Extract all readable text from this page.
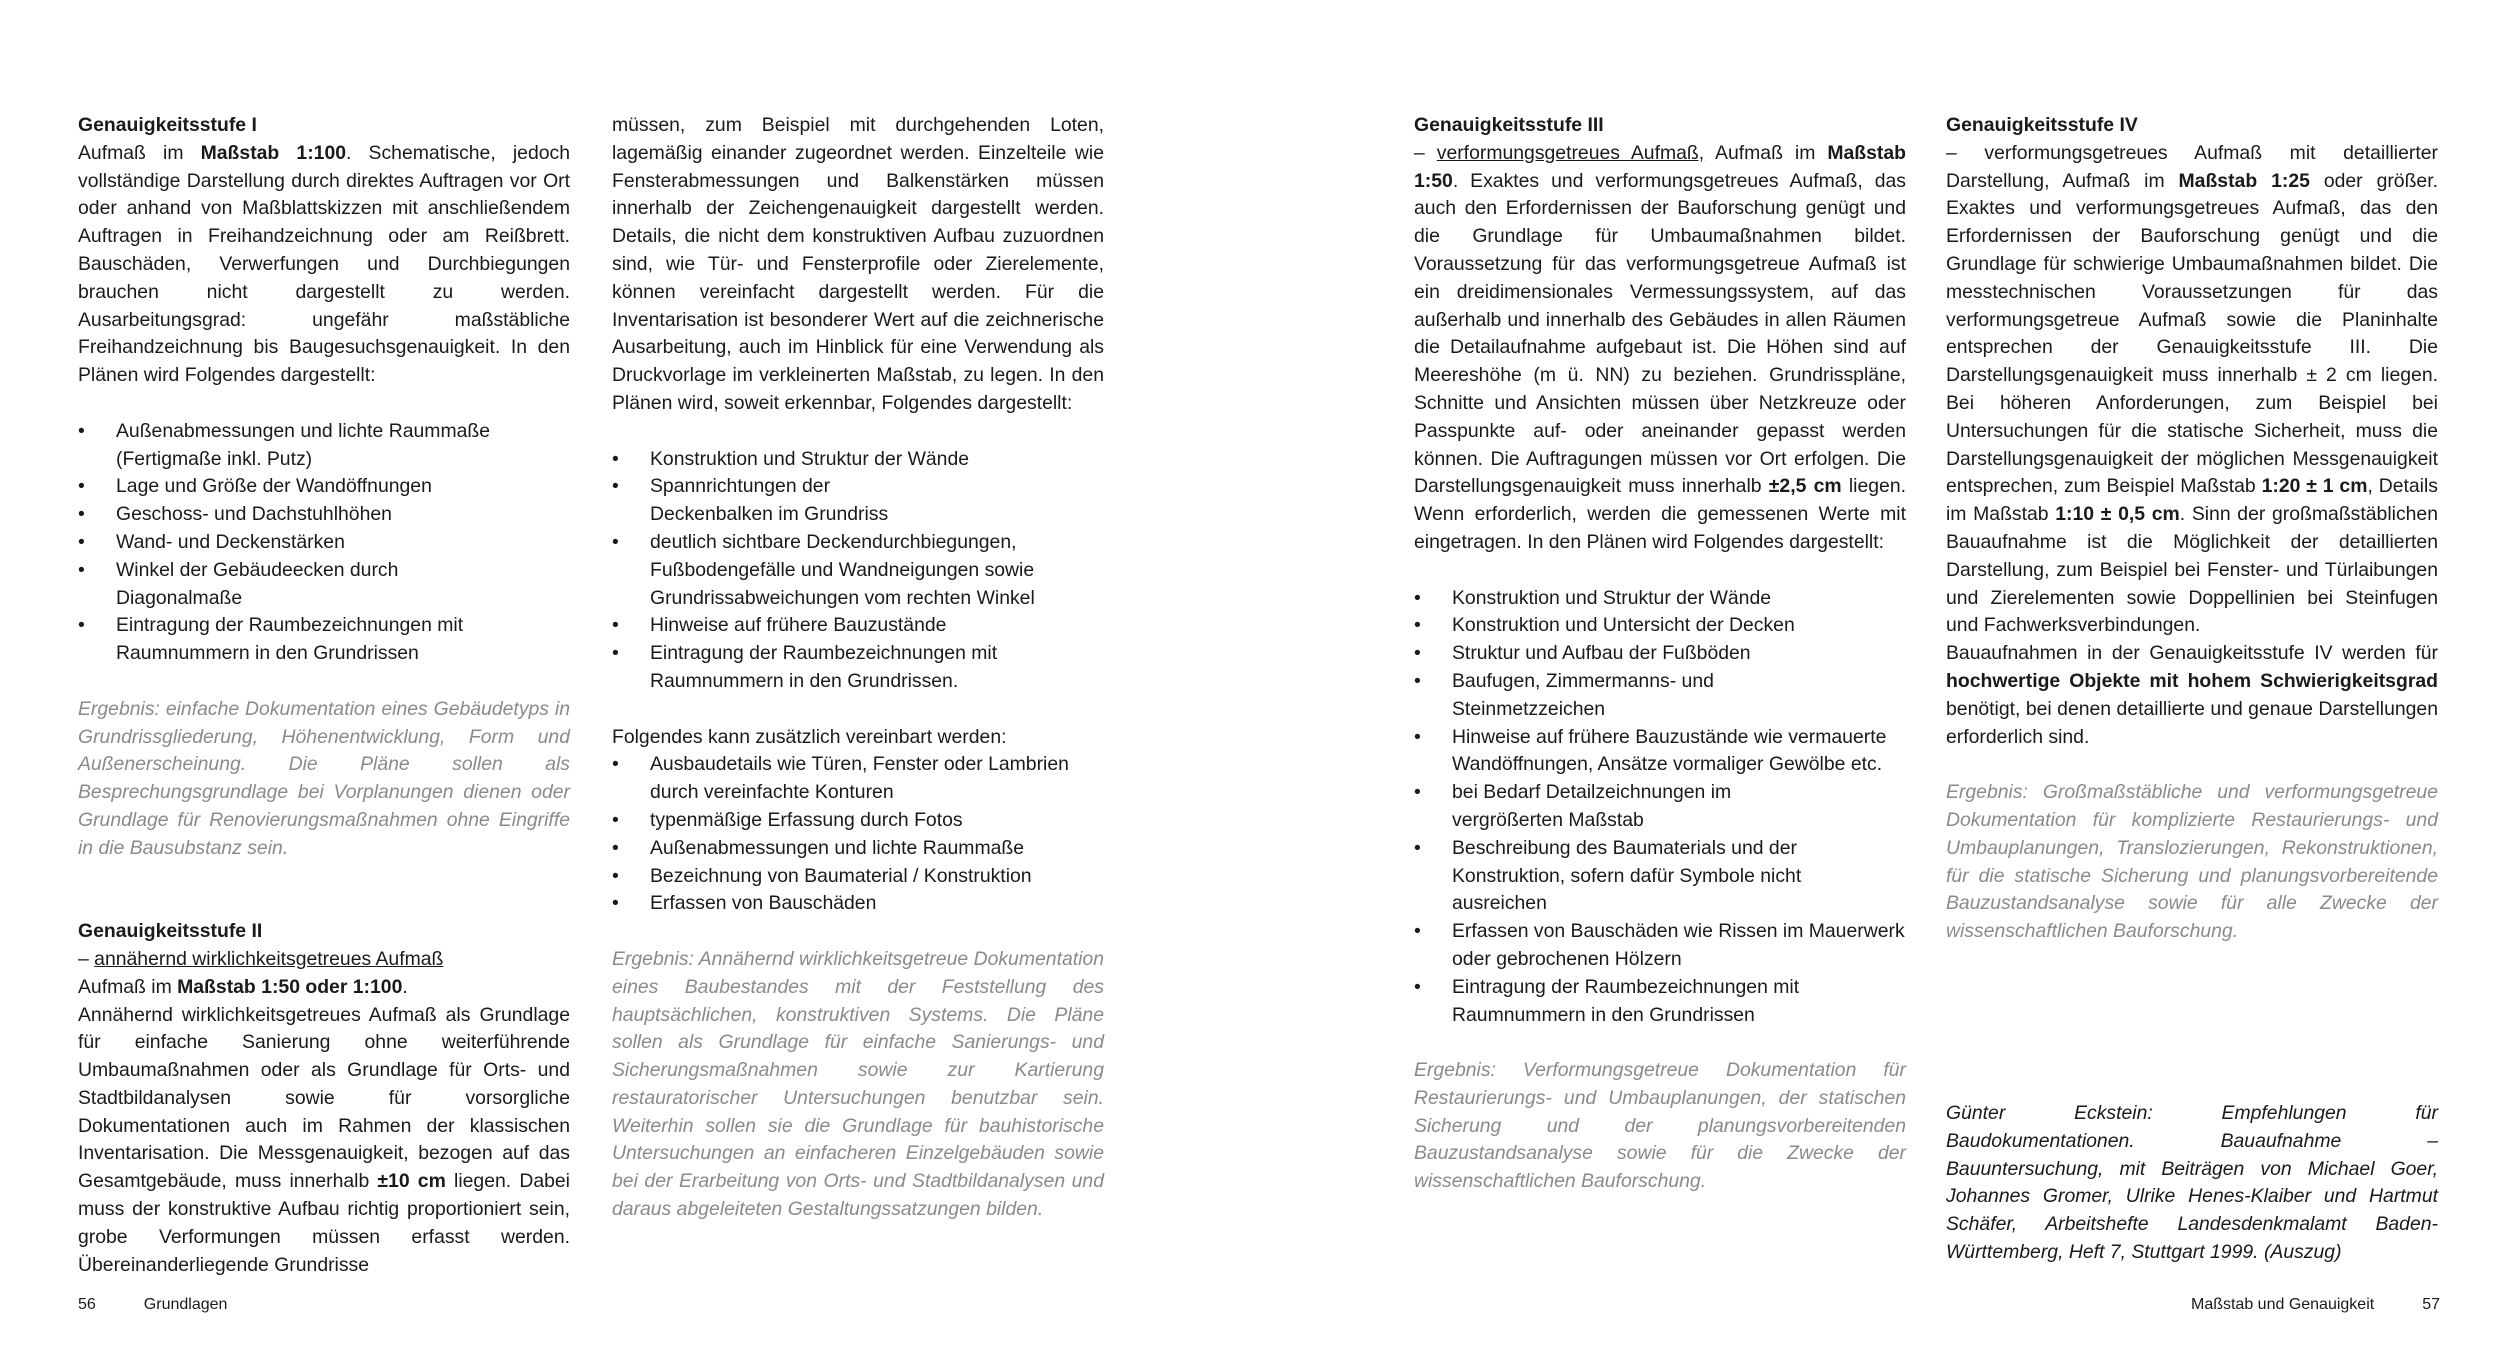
Genauigkeitsstufe I

Aufmaß im Maßstab 1:100. Schematische, jedoch vollständige Darstellung durch direktes Auftragen vor Ort oder anhand von Maßblattskizzen mit anschließendem Auftragen in Freihandzeichnung oder am Reißbrett. Bauschäden, Verwerfungen und Durchbiegungen brauchen nicht dargestellt zu werden. Ausarbeitungsgrad: ungefähr maßstäbliche Freihandzeichnung bis Baugesuchsgenauigkeit. In den Plänen wird Folgendes dargestellt:

• Außenabmessungen und lichte Raummaße (Fertigmaße inkl. Putz)
• Lage und Größe der Wandöffnungen
• Geschoss- und Dachstuhlhöhen
• Wand- und Deckenstärken
• Winkel der Gebäudeecken durch Diagonalmaße
• Eintragung der Raumbezeichnungen mit Raumnummern in den Grundrissen

Ergebnis: einfache Dokumentation eines Gebäudetyps in Grundrissgliederung, Höhenentwicklung, Form und Außenerscheinung. Die Pläne sollen als Besprechungsgrundlage bei Vorplanungen dienen oder Grundlage für Renovierungsmaßnahmen ohne Eingriffe in die Bausubstanz sein.

Genauigkeitsstufe II

– annähernd wirklichkeitsgetreues Aufmaß

Aufmaß im Maßstab 1:50 oder 1:100.

Annähernd wirklichkeitsgetreues Aufmaß als Grundlage für einfache Sanierung ohne weiterführende Umbaumaßnahmen oder als Grundlage für Orts- und Stadtbildanalysen sowie für vorsorgliche Dokumentationen auch im Rahmen der klassischen Inventarisation. Die Messgenauigkeit, bezogen auf das Gesamtgebäude, muss innerhalb ±10 cm liegen. Dabei muss der konstruktive Aufbau richtig proportioniert sein, grobe Verformungen müssen erfasst werden. Übereinanderliegende Grundrisse

müssen, zum Beispiel mit durchgehenden Loten, lagemäßig einander zugeordnet werden. Einzelteile wie Fensterabmessungen und Balkenstärken müssen innerhalb der Zeichengenauigkeit dargestellt werden. Details, die nicht dem konstruktiven Aufbau zuzuordnen sind, wie Tür- und Fensterprofile oder Zierelemente, können vereinfacht dargestellt werden. Für die Inventarisation ist besonderer Wert auf die zeichnerische Ausarbeitung, auch im Hinblick für eine Verwendung als Druckvorlage im verkleinerten Maßstab, zu legen. In den Plänen wird, soweit erkennbar, Folgendes dargestellt:

• Konstruktion und Struktur der Wände
• Spannrichtungen der Deckenbalken im Grundriss
• deutlich sichtbare Deckendurchbiegungen, Fußbodengefälle und Wandneigungen sowie Grundrissabweichungen vom rechten Winkel
• Hinweise auf frühere Bauzustände
• Eintragung der Raumbezeichnungen mit Raumnummern in den Grundrissen.

Folgendes kann zusätzlich vereinbart werden:

• Ausbaudetails wie Türen, Fenster oder Lambrien durch vereinfachte Konturen
• typenmäßige Erfassung durch Fotos
• Außenabmessungen und lichte Raummaße
• Bezeichnung von Baumaterial / Konstruktion
• Erfassen von Bauschäden

Ergebnis: Annähernd wirklichkeitsgetreue Dokumentation eines Baubestandes mit der Feststellung des hauptsächlichen, konstruktiven Systems. Die Pläne sollen als Grundlage für einfache Sanierungs- und Sicherungsmaßnahmen sowie zur Kartierung restauratorischer Untersuchungen benutzbar sein. Weiterhin sollen sie die Grundlage für bauhistorische Untersuchungen an einfacheren Einzelgebäuden sowie bei der Erarbeitung von Orts- und Stadtbildanalysen und daraus abgeleiteten Gestaltungssatzungen bilden.

Genauigkeitsstufe III

– verformungsgetreues Aufmaß, Aufmaß im Maßstab 1:50. Exaktes und verformungsgetreues Aufmaß, das auch den Erfordernissen der Bauforschung genügt und die Grundlage für Umbaumaßnahmen bildet. Voraussetzung für das verformungsgetreue Aufmaß ist ein dreidimensionales Vermessungssystem, auf das außerhalb und innerhalb des Gebäudes in allen Räumen die Detailaufnahme aufgebaut ist. Die Höhen sind auf Meereshöhe (m ü. NN) zu beziehen. Grundrisspläne, Schnitte und Ansichten müssen über Netzkreuze oder Passpunkte auf- oder aneinander gepasst werden können. Die Auftragungen müssen vor Ort erfolgen. Die Darstellungsgenauigkeit muss innerhalb ±2,5 cm liegen. Wenn erforderlich, werden die gemessenen Werte mit eingetragen. In den Plänen wird Folgendes dargestellt:

• Konstruktion und Struktur der Wände
• Konstruktion und Untersicht der Decken
• Struktur und Aufbau der Fußböden
• Baufugen, Zimmermanns- und Steinmetzzeichen
• Hinweise auf frühere Bauzustände wie vermauerte Wandöffnungen, Ansätze vormaliger Gewölbe etc.
• bei Bedarf Detailzeichnungen im vergrößerten Maßstab
• Beschreibung des Baumaterials und der Konstruktion, sofern dafür Symbole nicht ausreichen
• Erfassen von Bauschäden wie Rissen im Mauerwerk oder gebrochenen Hölzern
• Eintragung der Raumbezeichnungen mit Raumnummern in den Grundrissen

Ergebnis: Verformungsgetreue Dokumentation für Restaurierungs- und Umbauplanungen, der statischen Sicherung und der planungsvorbereitenden Bauzustandsanalyse sowie für die Zwecke der wissenschaftlichen Bauforschung.

Genauigkeitsstufe IV

– verformungsgetreues Aufmaß mit detaillierter Darstellung, Aufmaß im Maßstab 1:25 oder größer. Exaktes und verformungsgetreues Aufmaß, das den Erfordernissen der Bauforschung genügt und die Grundlage für schwierige Umbaumaßnahmen bildet. Die messtechnischen Voraussetzungen für das verformungsgetreue Aufmaß sowie die Planinhalte entsprechen der Genauigkeitsstufe III. Die Darstellungsgenauigkeit muss innerhalb ± 2 cm liegen. Bei höheren Anforderungen, zum Beispiel bei Untersuchungen für die statische Sicherheit, muss die Darstellungsgenauigkeit der möglichen Messgenauigkeit entsprechen, zum Beispiel Maßstab 1:20 ± 1 cm, Details im Maßstab 1:10 ± 0,5 cm. Sinn der großmaßstäblichen Bauaufnahme ist die Möglichkeit der detaillierten Darstellung, zum Beispiel bei Fenster- und Türlaibungen und Zierelementen sowie Doppellinien bei Steinfugen und Fachwerksverbindungen.

Bauaufnahmen in der Genauigkeitsstufe IV werden für hochwertige Objekte mit hohem Schwierigkeitsgrad benötigt, bei denen detaillierte und genaue Darstellungen erforderlich sind.

Ergebnis: Großmaßstäbliche und verformungsgetreue Dokumentation für komplizierte Restaurierungs- und Umbauplanungen, Translozierungen, Rekonstruktionen, für die statische Sicherung und planungsvorbereitende Bauzustandsanalyse sowie für alle Zwecke der wissenschaftlichen Bauforschung.

Günter Eckstein: Empfehlungen für Baudokumentationen. Bauaufnahme – Bauuntersuchung, mit Beiträgen von Michael Goer, Johannes Gromer, Ulrike Henes-Klaiber und Hartmut Schäfer, Arbeitshefte Landesdenkmalamt Baden-Württemberg, Heft 7, Stuttgart 1999. (Auszug)

56	Grundlagen	Maßstab und Genauigkeit	57
